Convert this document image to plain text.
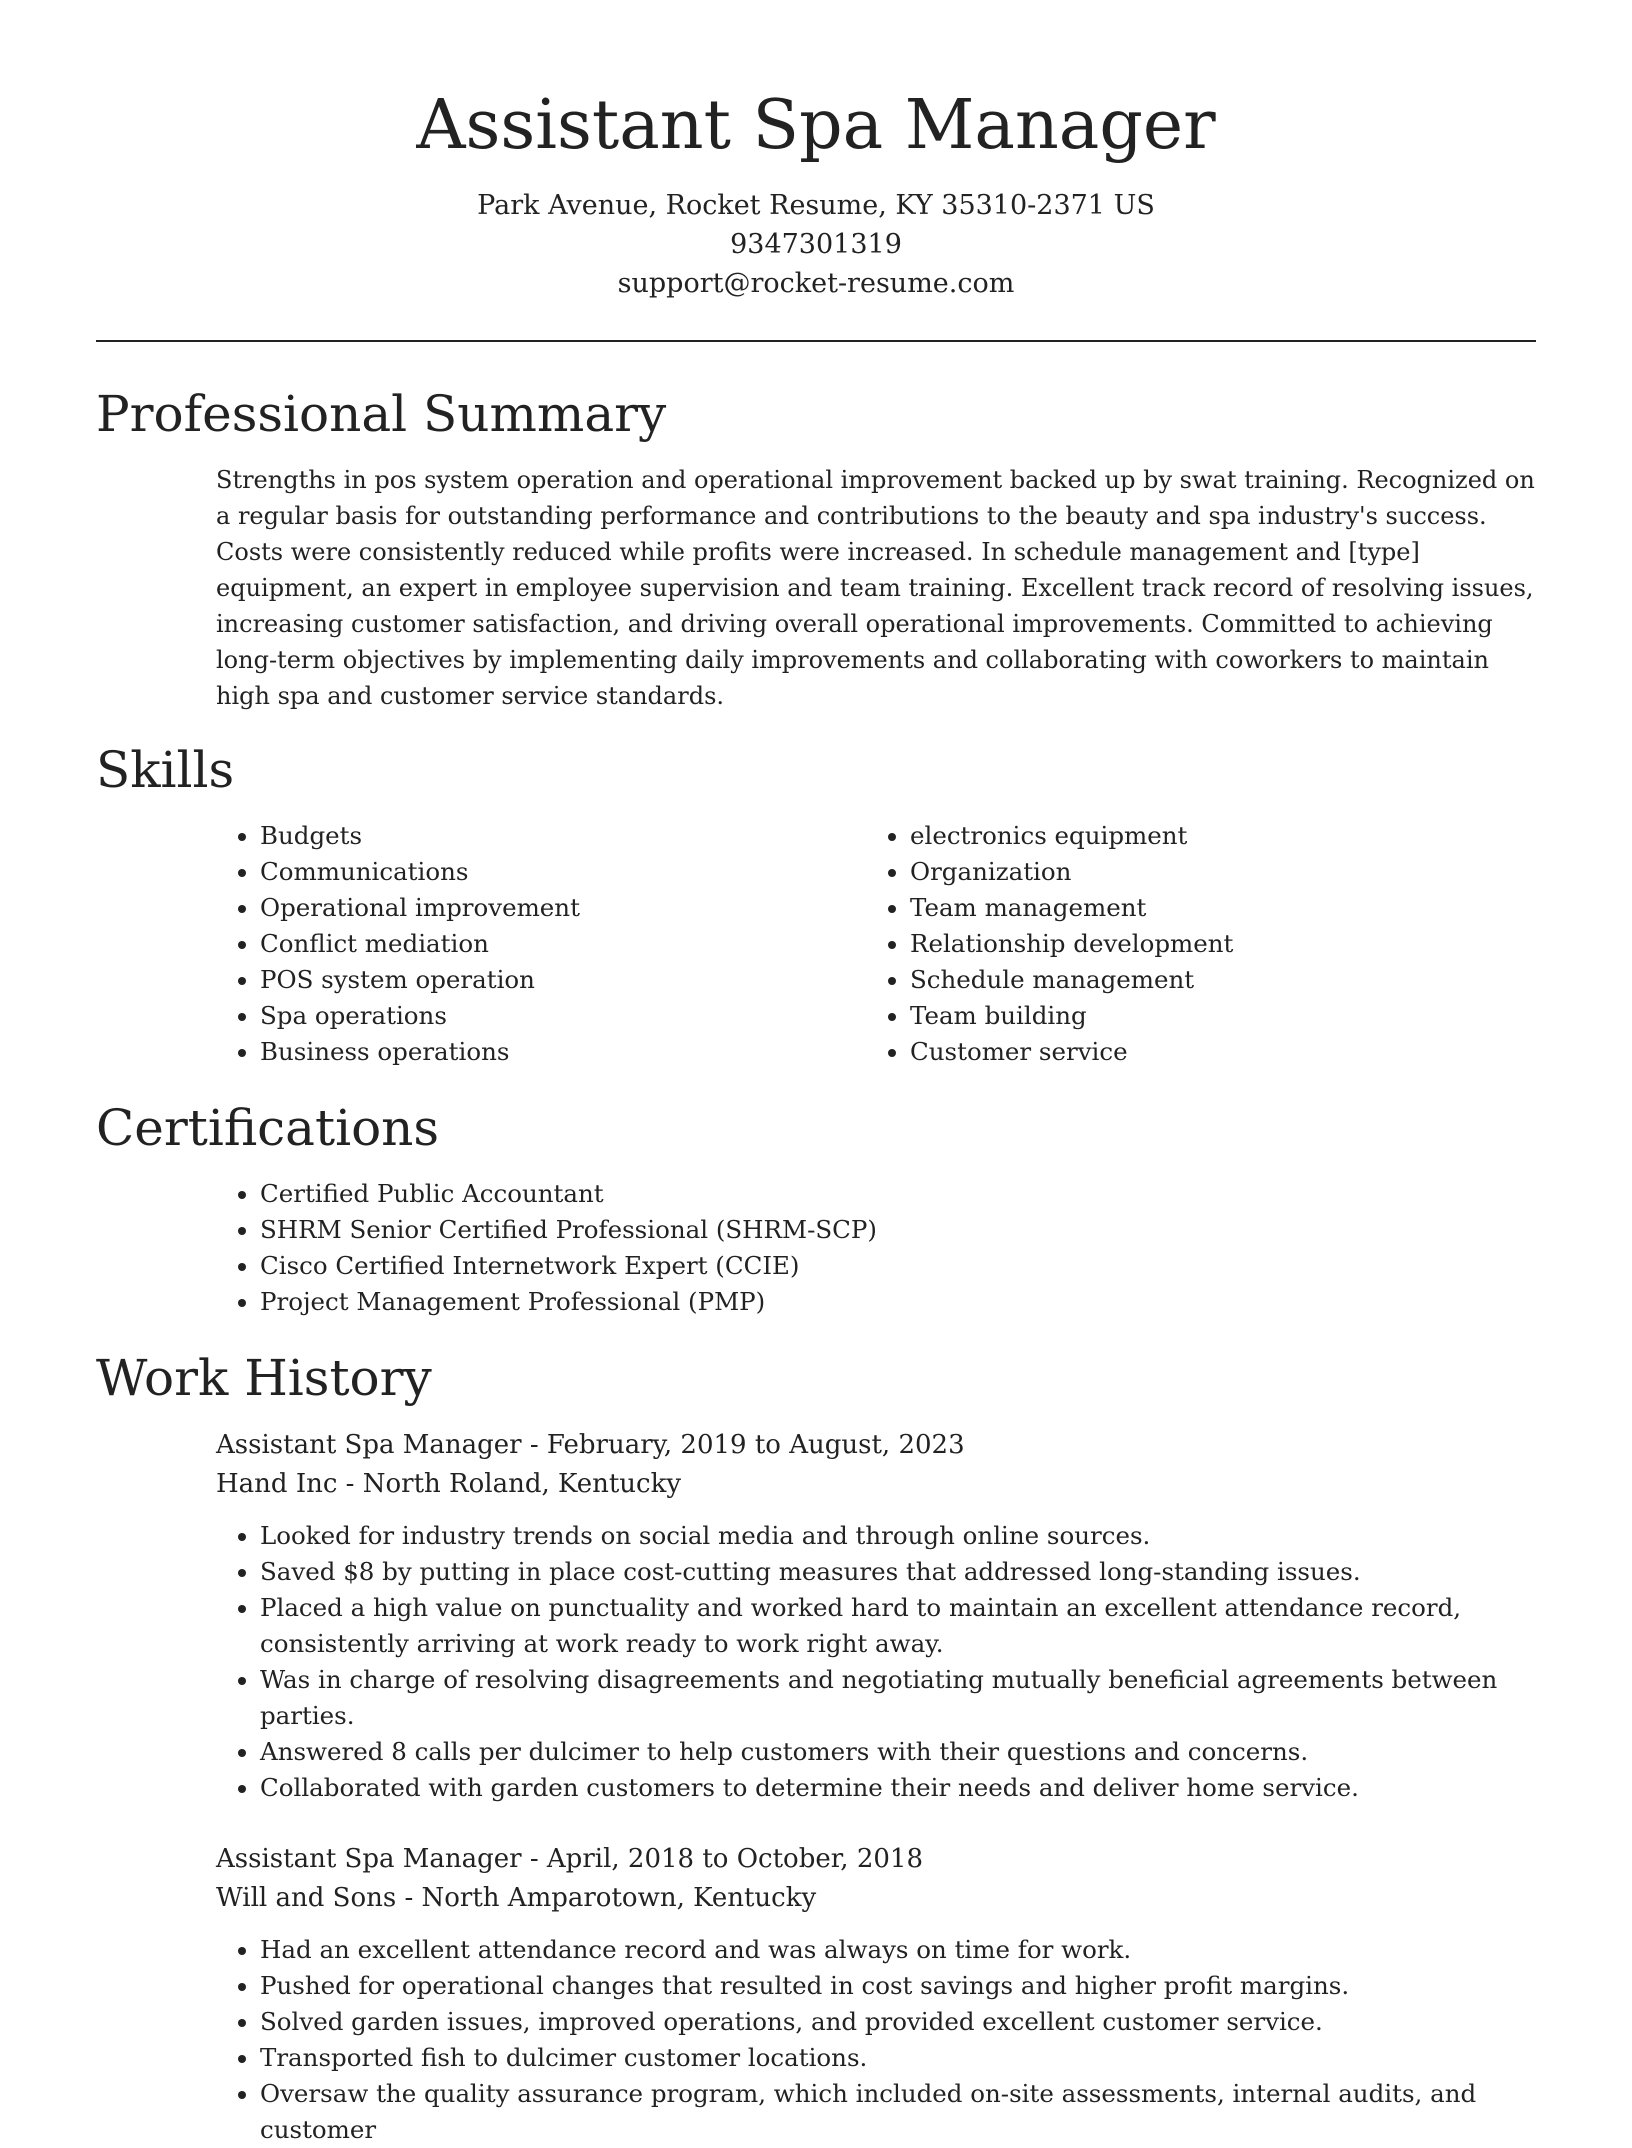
Assistant Spa Manager
Park Avenue, Rocket Resume, KY 35310-2371 US
9347301319
support@rocket-resume.com
Professional Summary

Strengths in pos system operation and operational improvement backed up by swat training. Recognized on a regular basis for outstanding performance and contributions to the beauty and spa industry's success. Costs were consistently reduced while profits were increased. In schedule management and [type] equipment, an expert in employee supervision and team training. Excellent track record of resolving issues, increasing customer satisfaction, and driving overall operational improvements. Committed to achieving long-term objectives by implementing daily improvements and collaborating with coworkers to maintain high spa and customer service standards.

Skills
• Budgets
• Communications
• Operational improvement
• Conflict mediation
• POS system operation
• Spa operations
• Business operations
• electronics equipment
• Organization
• Team management
• Relationship development
• Schedule management
• Team building
• Customer service
Certifications
• Certified Public Accountant
• SHRM Senior Certified Professional (SHRM-SCP)
• Cisco Certified Internetwork Expert (CCIE)
• Project Management Professional (PMP)
Work History
Assistant Spa Manager - February, 2019 to August, 2023
Hand Inc - North Roland, Kentucky
• Looked for industry trends on social media and through online sources.
• Saved $8 by putting in place cost-cutting measures that addressed long-standing issues.
• Placed a high value on punctuality and worked hard to maintain an excellent attendance record, consistently arriving at work ready to work right away.
• Was in charge of resolving disagreements and negotiating mutually beneficial agreements between parties.
• Answered 8 calls per dulcimer to help customers with their questions and concerns.
• Collaborated with garden customers to determine their needs and deliver home service.
Assistant Spa Manager - April, 2018 to October, 2018
Will and Sons - North Amparotown, Kentucky
• Had an excellent attendance record and was always on time for work.
• Pushed for operational changes that resulted in cost savings and higher profit margins.
• Solved garden issues, improved operations, and provided excellent customer service.
• Transported fish to dulcimer customer locations.
• Oversaw the quality assurance program, which included on-site assessments, internal audits, and customer
